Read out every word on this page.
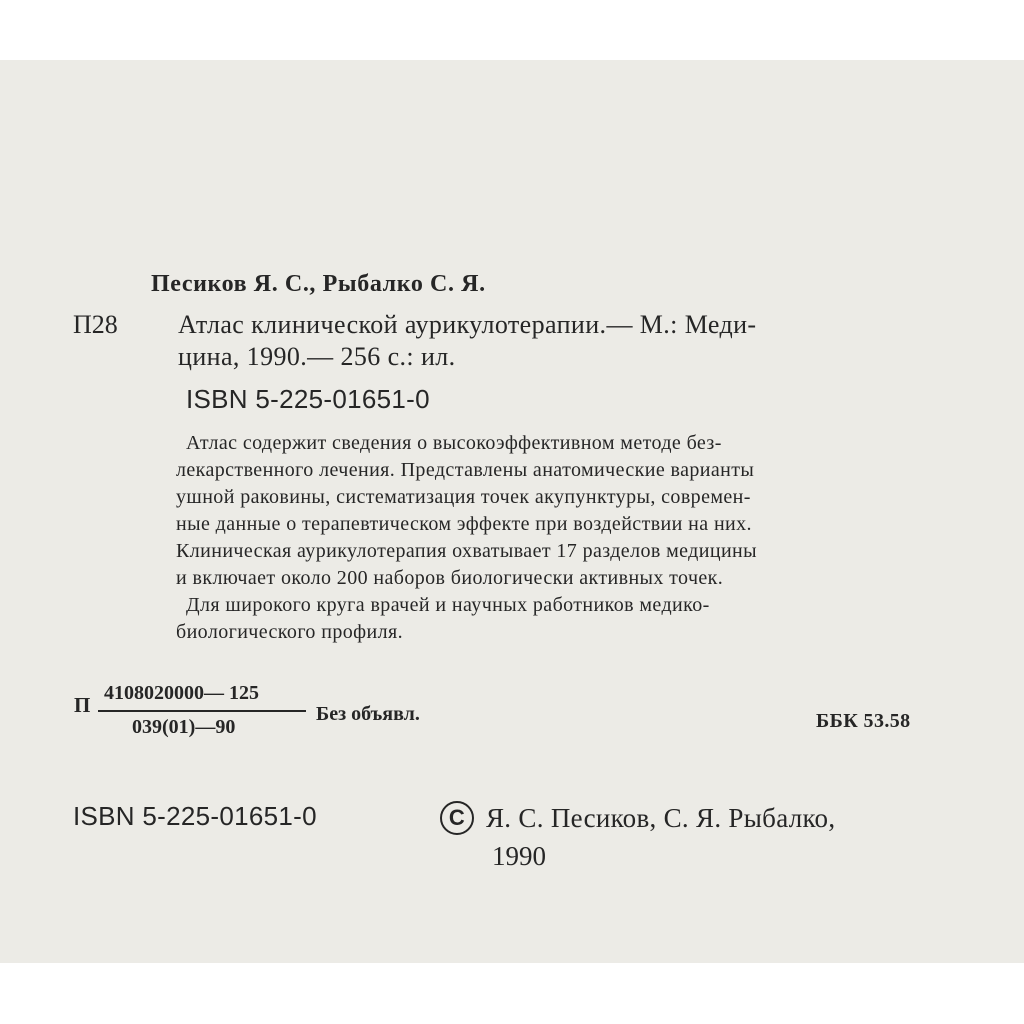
Песиков Я. С., Рыбалко С. Я.
П28 Атлас клинической аурикулотерапии.— М.: Меди-
цина, 1990.— 256 с.: ил.
ISBN 5-225-01651-0
Атлас содержит сведения о высокоэффективном методе без-
лекарственного лечения. Представлены анатомические варианты
ушной раковины, систематизация точек акупунктуры, современ-
ные данные о терапевтическом эффекте при воздействии на них.
Клиническая аурикулотерапия охватывает 17 разделов медицины
и включает около 200 наборов биологически активных точек.
Для широкого круга врачей и научных работников медико-
биологического профиля.
П 4108020000— 125
039(01)—90
Без объявл.	ББК 53.58
ISBN 5-225-01651-0	C Я. С. Песиков, С. Я. Рыбалко,
1990
